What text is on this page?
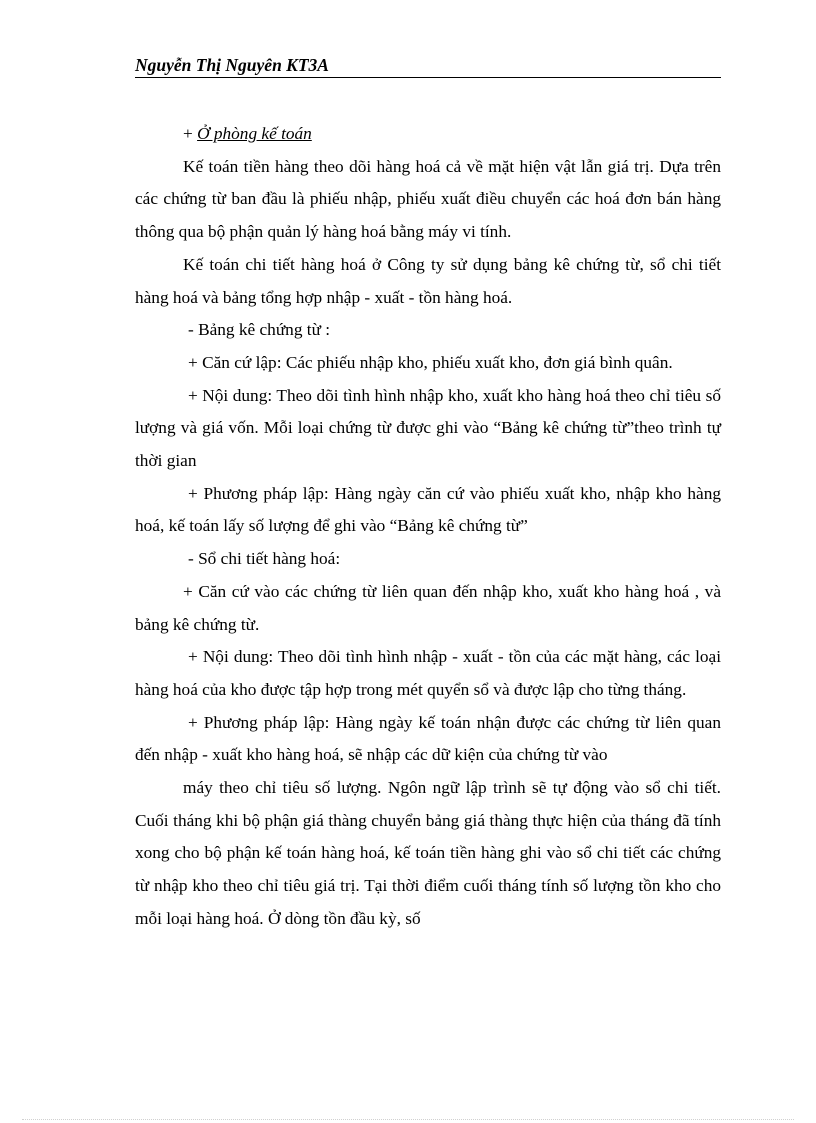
Nguyễn Thị Nguyên KT3A

+ Ở phòng kế toán

Kế toán tiền hàng theo dõi hàng hoá cả về mặt hiện vật lẫn giá trị. Dựa trên các chứng từ ban đầu là phiếu nhập, phiếu xuất điều chuyển các hoá đơn bán hàng thông qua bộ phận quản lý hàng hoá bằng máy vi tính.

Kế toán chi tiết hàng hoá ở Công ty sử dụng bảng kê chứng từ, sổ chi tiết hàng hoá và bảng tổng hợp nhập - xuất - tồn hàng hoá.

- Bảng kê chứng từ :

+ Căn cứ lập: Các phiếu nhập kho, phiếu xuất kho, đơn giá bình quân.

+ Nội dung: Theo dõi tình hình nhập kho, xuất kho hàng hoá theo chỉ tiêu số lượng và giá vốn. Mỗi loại chứng từ được ghi vào “Bảng kê chứng từ”theo trình tự thời gian

+ Phương pháp lập: Hàng ngày căn cứ vào phiếu xuất kho, nhập kho hàng hoá, kế toán lấy số lượng để ghi vào “Bảng kê chứng từ”

- Sổ chi tiết hàng hoá:

+ Căn cứ vào các chứng từ liên quan đến nhập kho, xuất kho hàng hoá , và bảng kê chứng từ.

+ Nội dung: Theo dõi tình hình nhập - xuất - tồn của các mặt hàng, các loại hàng hoá của kho được tập hợp trong mét quyển sổ và được lập cho từng tháng.

+ Phương pháp lập: Hàng ngày kế toán nhận được các chứng từ liên quan đến nhập - xuất kho hàng hoá, sẽ nhập các dữ kiện của chứng từ vào

máy theo chỉ tiêu số lượng. Ngôn ngữ lập trình sẽ tự động vào sổ chi tiết. Cuối tháng khi bộ phận giá thàng chuyển bảng giá thàng thực hiện của tháng đã tính xong cho bộ phận kế toán hàng hoá, kế toán tiền hàng ghi vào sổ chi tiết các chứng từ nhập kho theo chỉ tiêu giá trị. Tại thời điểm cuối tháng tính số lượng tồn kho cho mỗi loại hàng hoá. Ở dòng tồn đầu kỳ, số
